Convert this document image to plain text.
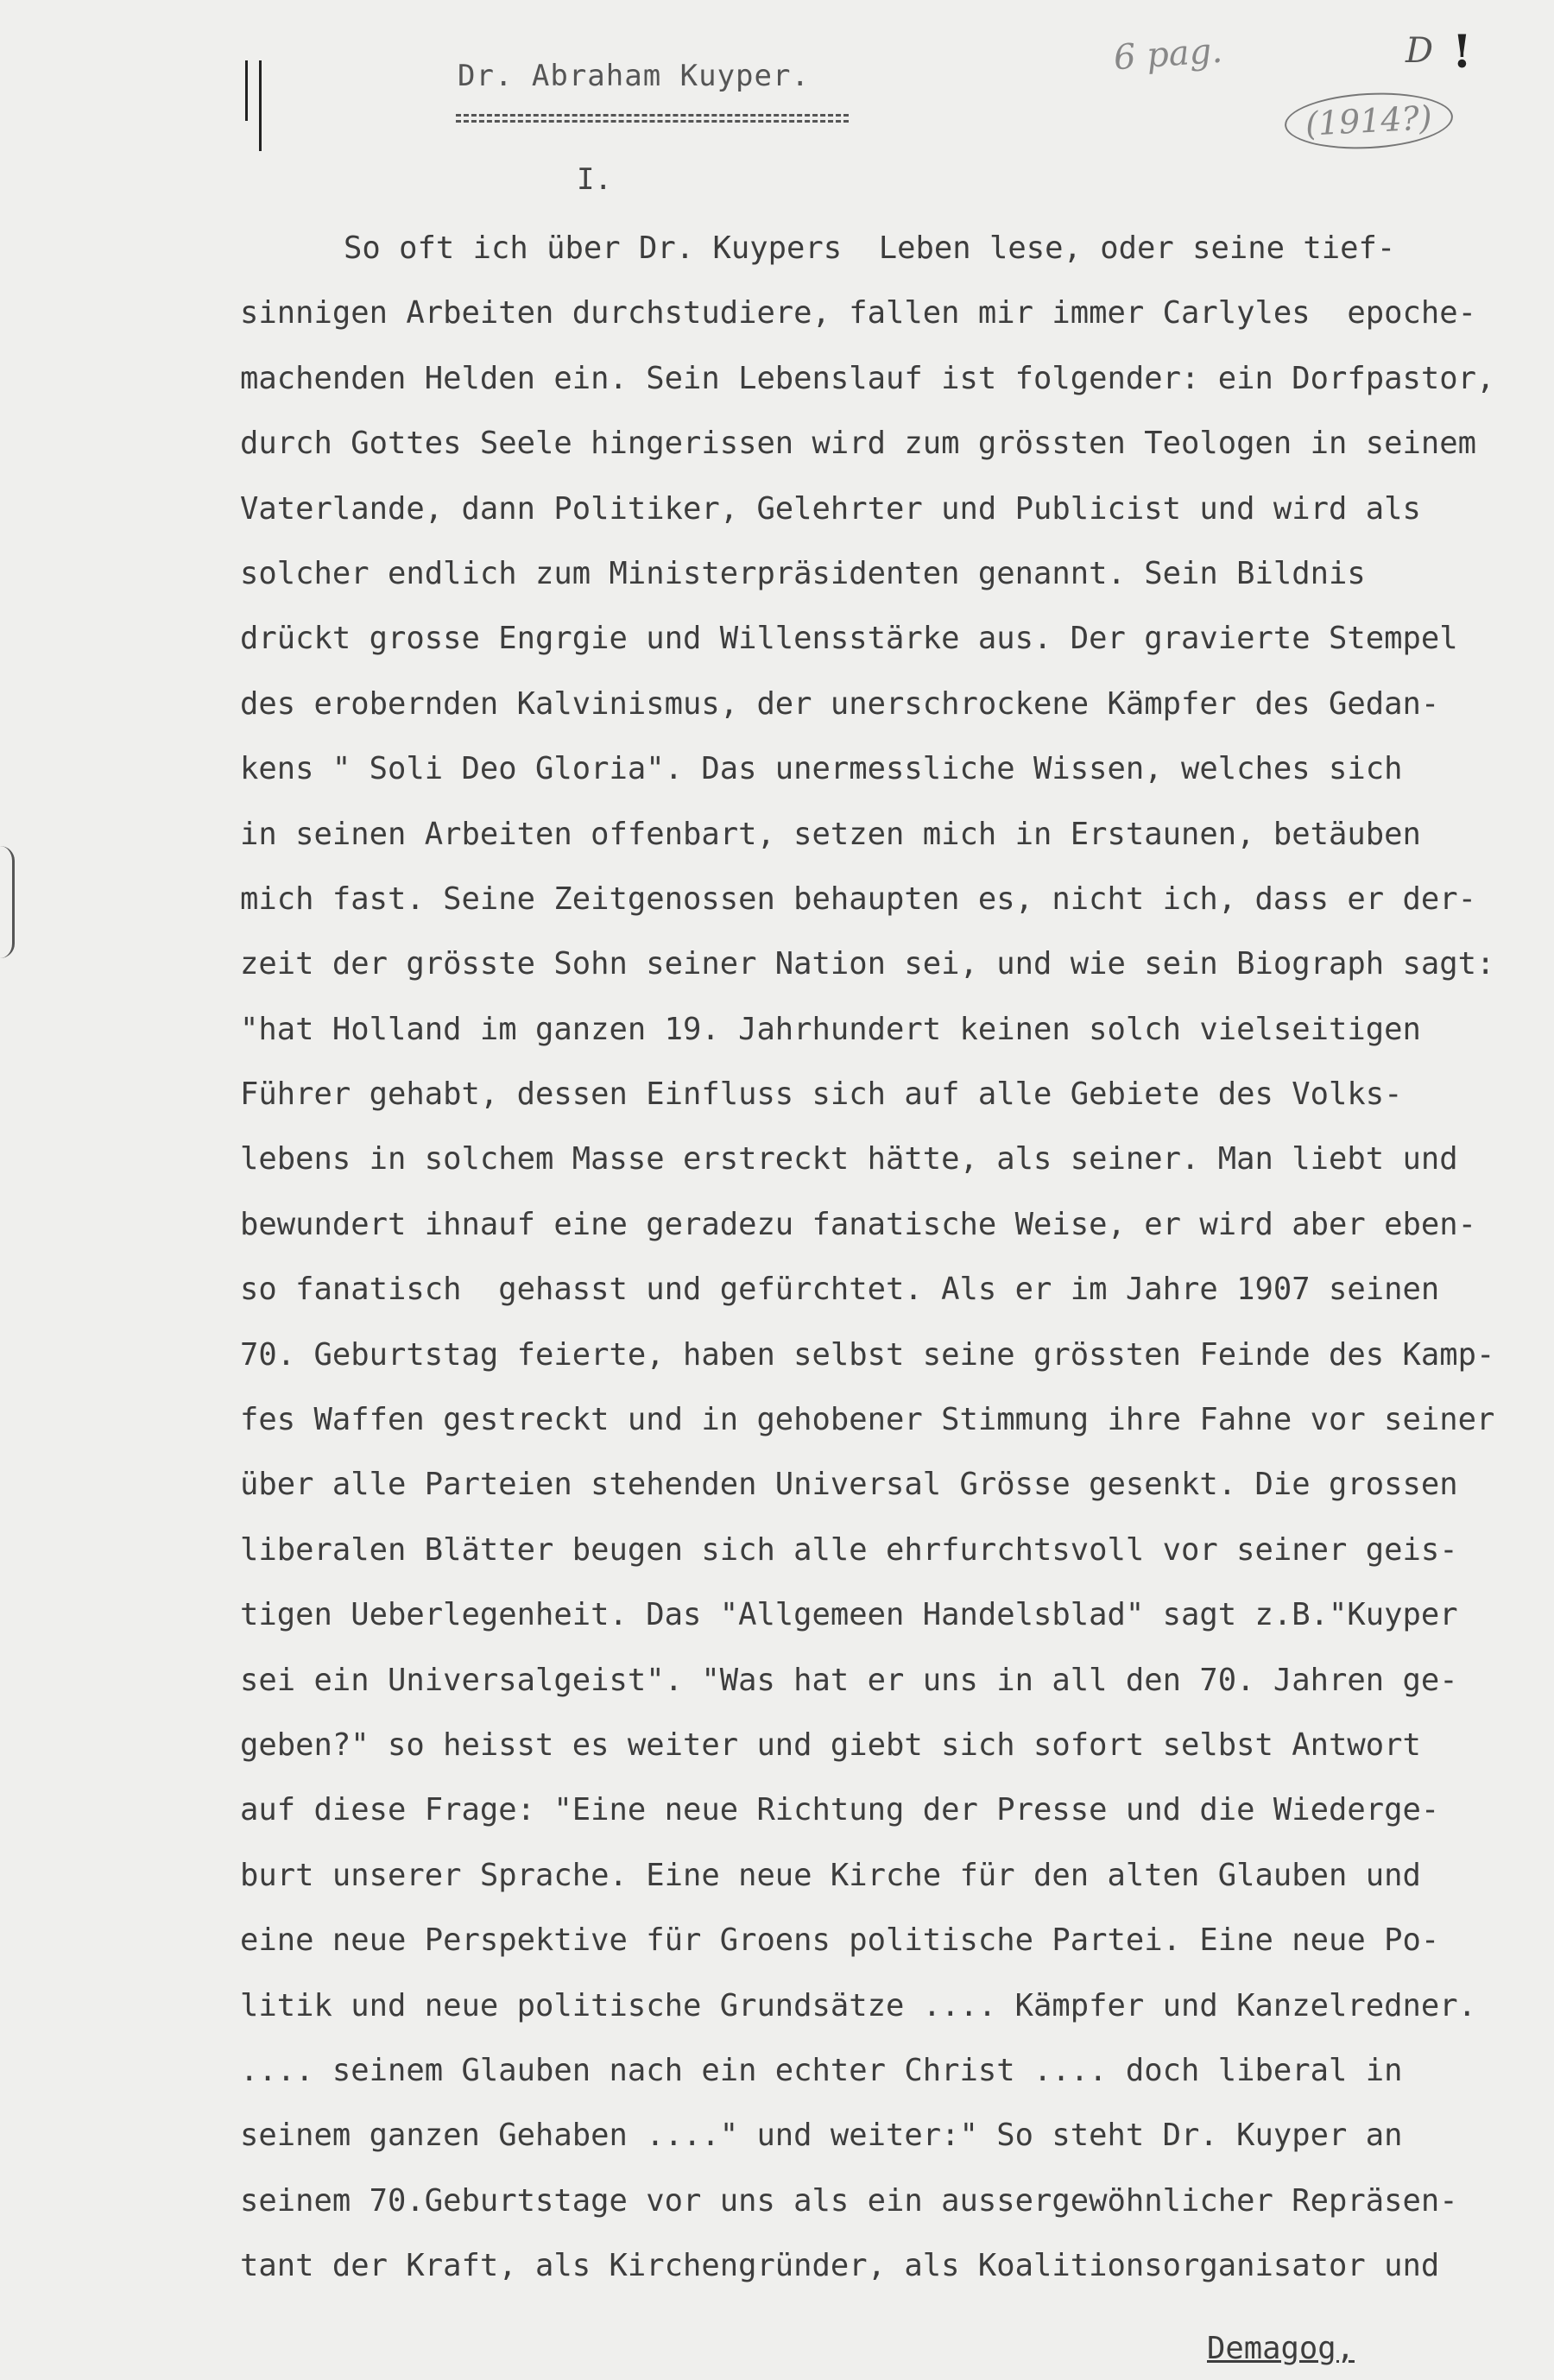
Dr. Abraham Kuyper.
I.
6 pag.
(1914?)
D !
So oft ich über Dr. Kuypers  Leben lese, oder seine tief-
sinnigen Arbeiten durchstudiere, fallen mir immer Carlyles  epoche-
machenden Helden ein. Sein Lebenslauf ist folgender: ein Dorfpastor,
durch Gottes Seele hingerissen wird zum grössten Teologen in seinem
Vaterlande, dann Politiker, Gelehrter und Publicist und wird als
solcher endlich zum Ministerpräsidenten genannt. Sein Bildnis
drückt grosse Engrgie und Willensstärke aus. Der gravierte Stempel
des erobernden Kalvinismus, der unerschrockene Kämpfer des Gedan-
kens " Soli Deo Gloria". Das unermessliche Wissen, welches sich
in seinen Arbeiten offenbart, setzen mich in Erstaunen, betäuben
mich fast. Seine Zeitgenossen behaupten es, nicht ich, dass er der-
zeit der grösste Sohn seiner Nation sei, und wie sein Biograph sagt:
"hat Holland im ganzen 19. Jahrhundert keinen solch vielseitigen
Führer gehabt, dessen Einfluss sich auf alle Gebiete des Volks-
lebens in solchem Masse erstreckt hätte, als seiner. Man liebt und
bewundert ihnauf eine geradezu fanatische Weise, er wird aber eben-
so fanatisch  gehasst und gefürchtet. Als er im Jahre 1907 seinen
70. Geburtstag feierte, haben selbst seine grössten Feinde des Kamp-
fes Waffen gestreckt und in gehobener Stimmung ihre Fahne vor seiner
über alle Parteien stehenden Universal Grösse gesenkt. Die grossen
liberalen Blätter beugen sich alle ehrfurchtsvoll vor seiner geis-
tigen Ueberlegenheit. Das "Allgemeen Handelsblad" sagt z.B."Kuyper
sei ein Universalgeist". "Was hat er uns in all den 70. Jahren ge-
geben?" so heisst es weiter und giebt sich sofort selbst Antwort
auf diese Frage: "Eine neue Richtung der Presse und die Wiederge-
burt unserer Sprache. Eine neue Kirche für den alten Glauben und
eine neue Perspektive für Groens politische Partei. Eine neue Po-
litik und neue politische Grundsätze .... Kämpfer und Kanzelredner.
.... seinem Glauben nach ein echter Christ .... doch liberal in
seinem ganzen Gehaben ...." und weiter:" So steht Dr. Kuyper an
seinem 70.Geburtstage vor uns als ein aussergewöhnlicher Repräsen-
tant der Kraft, als Kirchengründer, als Koalitionsorganisator und
Demagog,
